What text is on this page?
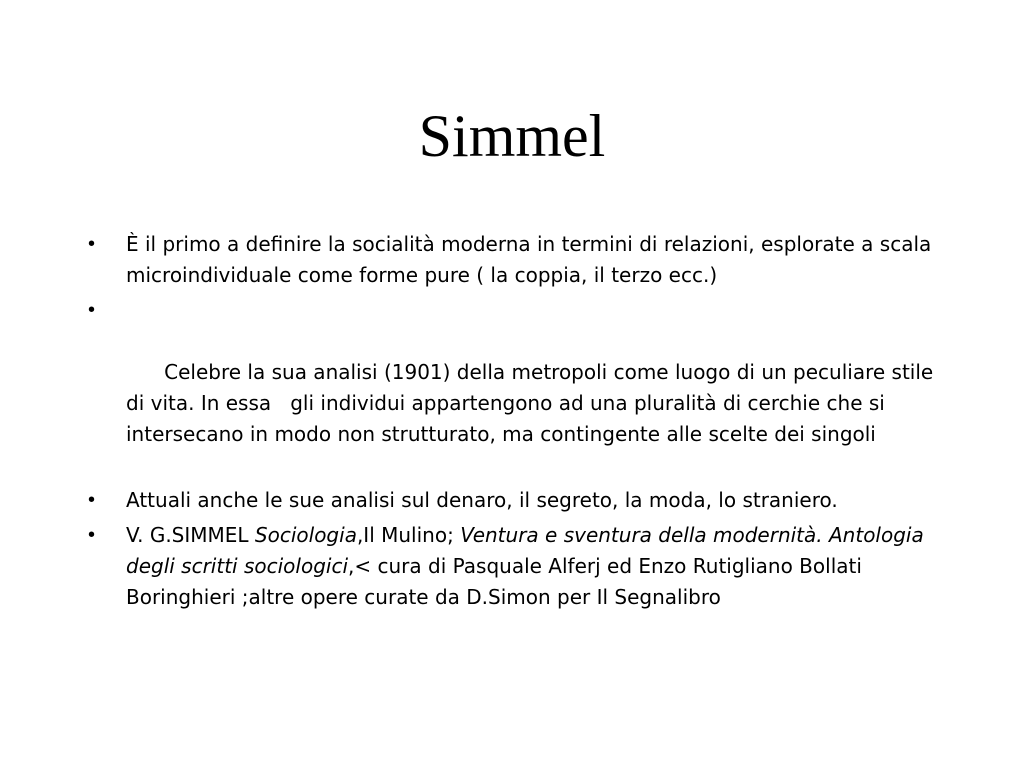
Simmel
• È il primo a definire la socialità moderna in termini di relazioni, esplorate a scala microindividuale come forme pure ( la coppia, il terzo ecc.)

•

Celebre la sua analisi (1901) della metropoli come luogo di un peculiare stile di vita. In essa   gli individui appartengono ad una pluralità di cerchie che si intersecano in modo non strutturato, ma contingente alle scelte dei singoli

• Attuali anche le sue analisi sul denaro, il segreto, la moda, lo straniero.
• V. G.SIMMEL Sociologia,Il Mulino; Ventura e sventura della modernità. Antologia degli scritti sociologici,< cura di Pasquale Alferj ed Enzo Rutigliano Bollati Boringhieri ;altre opere curate da D.Simon per Il Segnalibro
